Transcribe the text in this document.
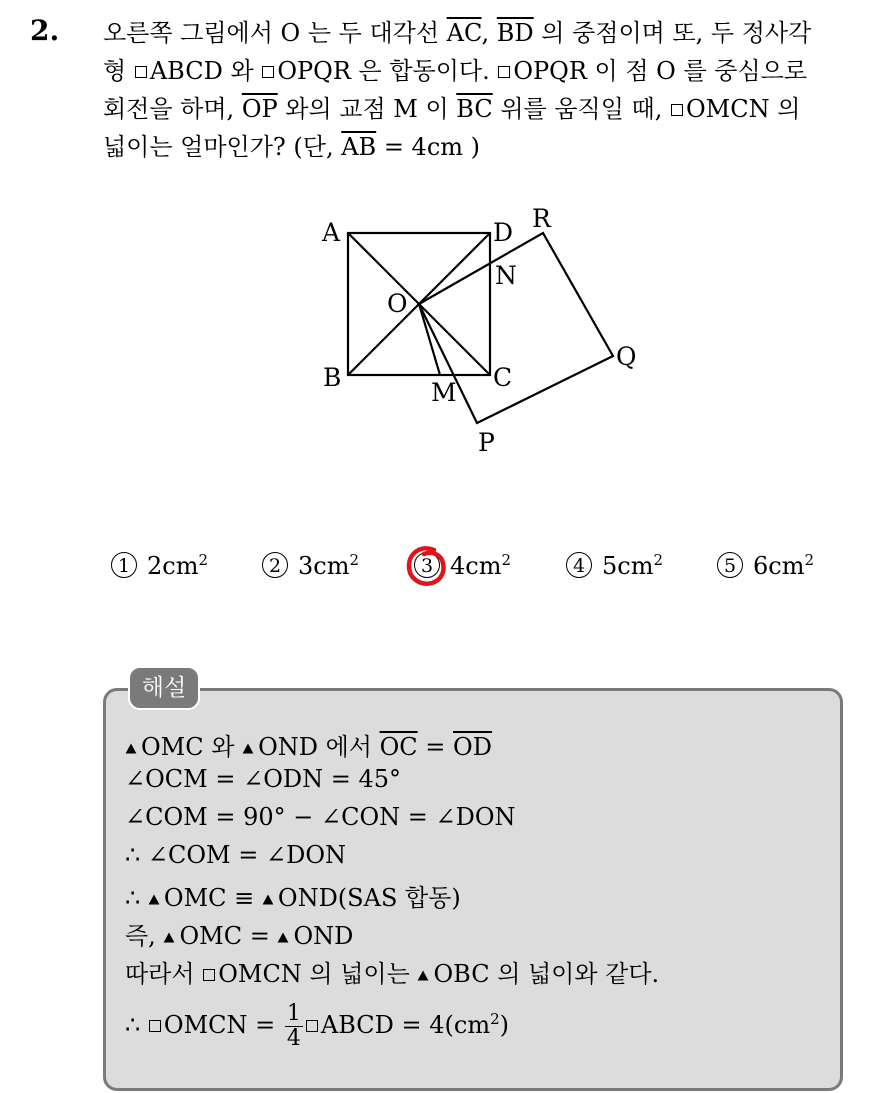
2. 오른쪽 그림에서 O 는 두 대각선 $\overline{AC}$, $\overline{BD}$ 의 중점이며 또, 두 정사각
형 ABCD 와 OPQR 은 합동이다. OPQR 이 점 O 를 중심으로
회전을 하며, $\overline{OP}$ 와의 교점 M 이 $\overline{BC}$ 위를 움직일 때, OMCN 의
넓이는 얼마인가? (단, $\overline{AB} = 4cm$ )
A	D R
N
O
Q
B	C
M
P
1 $2cm^2$	2 $3cm^2$	3 $4cm^2$	4 $5cm^2$	5 $6cm^2$
해설
OMC 와 OND 에서 $\overline{OC} = \overline{OD}$
∠OCM = ∠ODN = 45°
∠COM = 90° − ∠CON = ∠DON
∴ ∠COM = ∠DON
∴ OMC ≡ OND(SAS 합동)
즉, OMC = OND
따라서 OMCN 의 넓이는 OBC 의 넓이와 같다.
∴ OMCN = $\frac{1}{4}$ ABCD = $4(cm^2)$
